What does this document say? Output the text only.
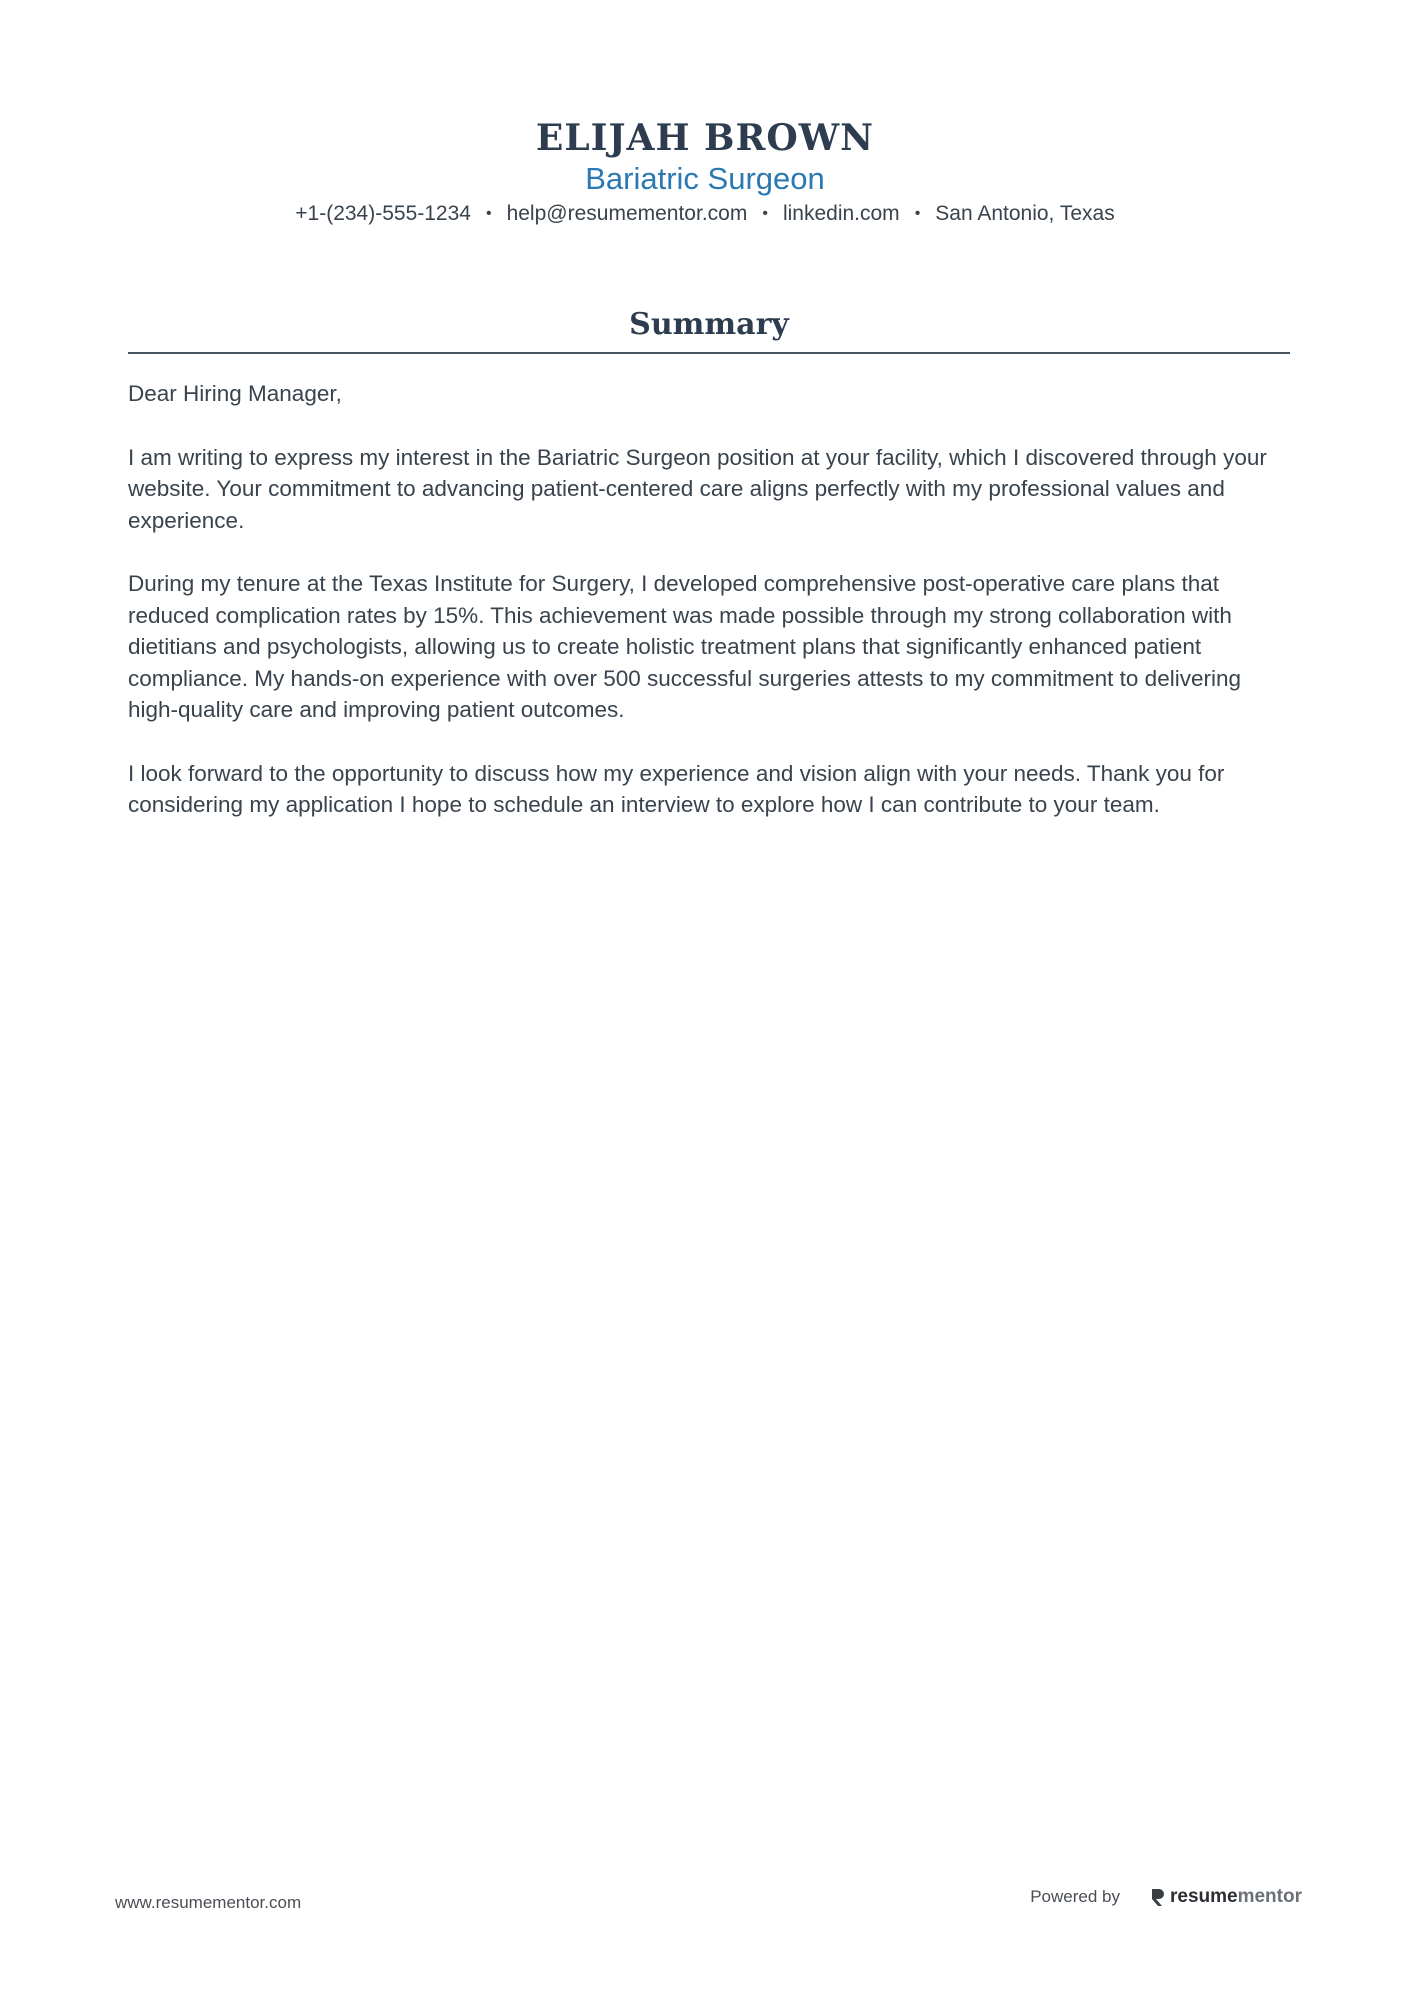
ELIJAH BROWN
Bariatric Surgeon
+1-(234)-555-1234 • help@resumementor.com • linkedin.com • San Antonio, Texas
Summary

Dear Hiring Manager,

I am writing to express my interest in the Bariatric Surgeon position at your facility, which I discovered through your website. Your commitment to advancing patient-centered care aligns perfectly with my professional values and experience.

During my tenure at the Texas Institute for Surgery, I developed comprehensive post-operative care plans that reduced complication rates by 15%. This achievement was made possible through my strong collaboration with dietitians and psychologists, allowing us to create holistic treatment plans that significantly enhanced patient compliance. My hands-on experience with over 500 successful surgeries attests to my commitment to delivering high-quality care and improving patient outcomes.

I look forward to the opportunity to discuss how my experience and vision align with your needs. Thank you for considering my application I hope to schedule an interview to explore how I can contribute to your team.

www.resumementor.com	Powered by	resume mentor
